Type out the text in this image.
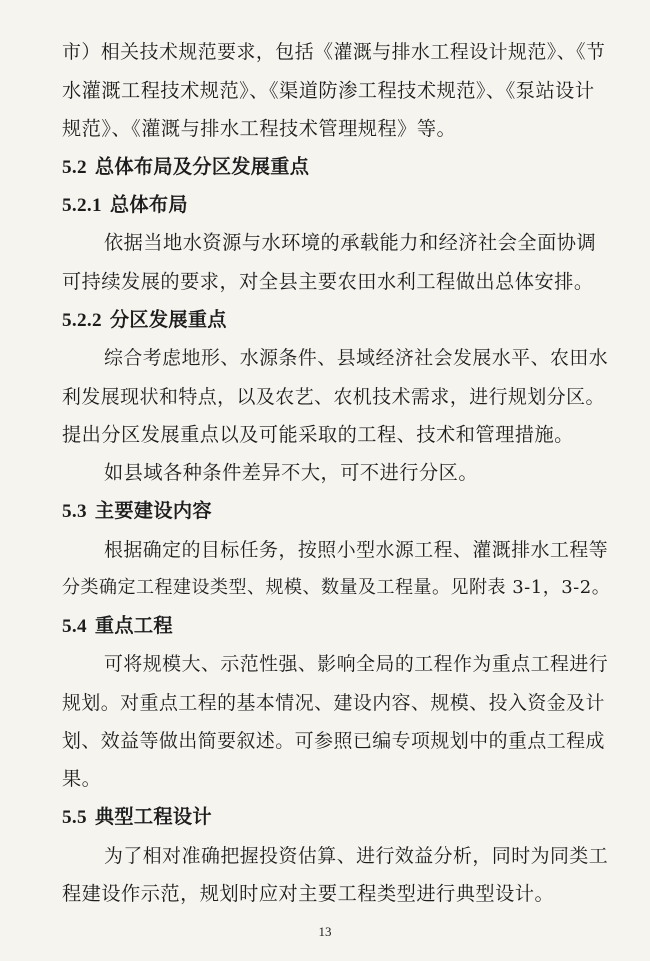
市）相关技术规范要求，包括《灌溉与排水工程设计规范》、《节
水灌溉工程技术规范》、《渠道防渗工程技术规范》、《泵站设计
规范》、《灌溉与排水工程技术管理规程》等。
5.2 总体布局及分区发展重点
5.2.1 总体布局
依据当地水资源与水环境的承载能力和经济社会全面协调
可持续发展的要求，对全县主要农田水利工程做出总体安排。
5.2.2 分区发展重点
综合考虑地形、水源条件、县域经济社会发展水平、农田水
利发展现状和特点，以及农艺、农机技术需求，进行规划分区。
提出分区发展重点以及可能采取的工程、技术和管理措施。
如县域各种条件差异不大，可不进行分区。
5.3 主要建设内容
根据确定的目标任务，按照小型水源工程、灌溉排水工程等
分类确定工程建设类型、规模、数量及工程量。见附表 3-1，3-2。
5.4 重点工程
可将规模大、示范性强、影响全局的工程作为重点工程进行
规划。对重点工程的基本情况、建设内容、规模、投入资金及计
划、效益等做出简要叙述。可参照已编专项规划中的重点工程成
果。
5.5 典型工程设计
为了相对准确把握投资估算、进行效益分析，同时为同类工
程建设作示范，规划时应对主要工程类型进行典型设计。
13
